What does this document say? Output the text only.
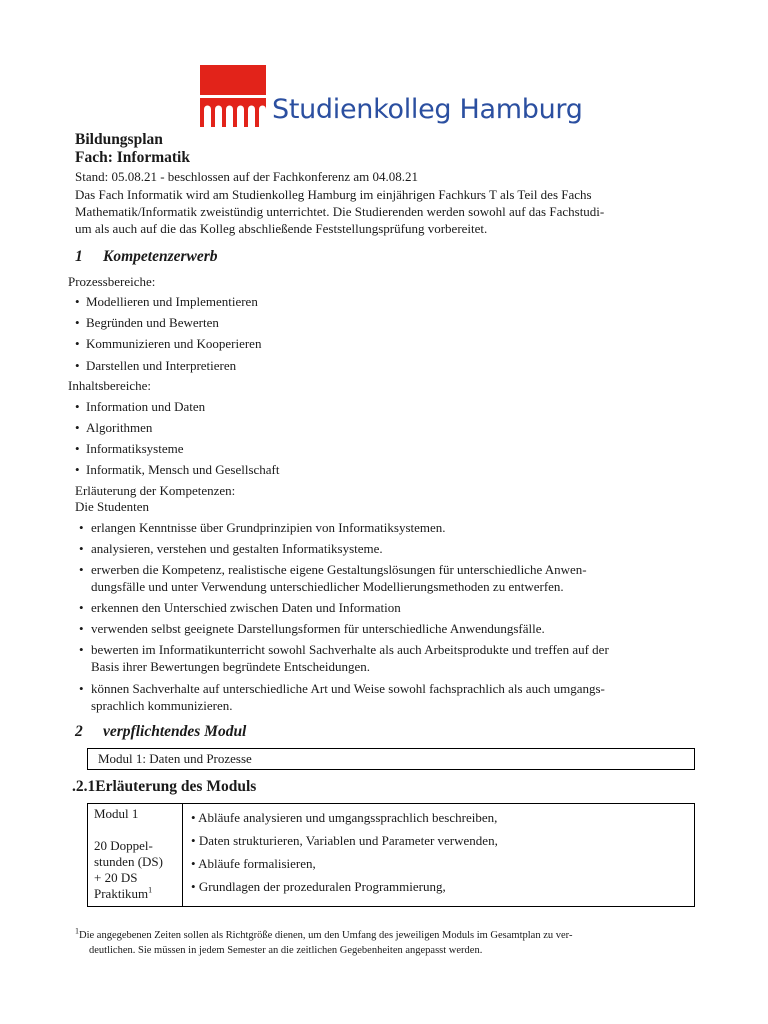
Studienkolleg Hamburg
Bildungsplan
Fach: Informatik
Stand: 05.08.21 - beschlossen auf der Fachkonferenz am 04.08.21
Das Fach Informatik wird am Studienkolleg Hamburg im einjährigen Fachkurs T als Teil des Fachs
Mathematik/Informatik zweistündig unterrichtet. Die Studierenden werden sowohl auf das Fachstudi-
um als auch auf die das Kolleg abschließende Feststellungsprüfung vorbereitet.
1 Kompetenzerwerb
Prozessbereiche:
• Modellieren und Implementieren
• Begründen und Bewerten
• Kommunizieren und Kooperieren
• Darstellen und Interpretieren
Inhaltsbereiche:
• Information und Daten
• Algorithmen
• Informatiksysteme
• Informatik, Mensch und Gesellschaft
Erläuterung der Kompetenzen:
Die Studenten
• erlangen Kenntnisse über Grundprinzipien von Informatiksystemen.
• analysieren, verstehen und gestalten Informatiksysteme.
• erwerben die Kompetenz, realistische eigene Gestaltungslösungen für unterschiedliche Anwen-
dungsfälle und unter Verwendung unterschiedlicher Modellierungsmethoden zu entwerfen.
• erkennen den Unterschied zwischen Daten und Information
• verwenden selbst geeignete Darstellungsformen für unterschiedliche Anwendungsfälle.
• bewerten im Informatikunterricht sowohl Sachverhalte als auch Arbeitsprodukte und treffen auf der
Basis ihrer Bewertungen begründete Entscheidungen.
• können Sachverhalte auf unterschiedliche Art und Weise sowohl fachsprachlich als auch umgangs-
sprachlich kommunizieren.
2 verpflichtendes Modul
Modul 1: Daten und Prozesse
.2.1Erläuterung des Moduls
Modul 1
20 Doppel-
stunden (DS)
+ 20 DS
Praktikum$^1$
• Abläufe analysieren und umgangssprachlich beschreiben,
• Daten strukturieren, Variablen und Parameter verwenden,
• Abläufe formalisieren,
• Grundlagen der prozeduralen Programmierung,
$^1$Die angegebenen Zeiten sollen als Richtgröße dienen, um den Umfang des jeweiligen Moduls im Gesamtplan zu ver-
deutlichen. Sie müssen in jedem Semester an die zeitlichen Gegebenheiten angepasst werden.
